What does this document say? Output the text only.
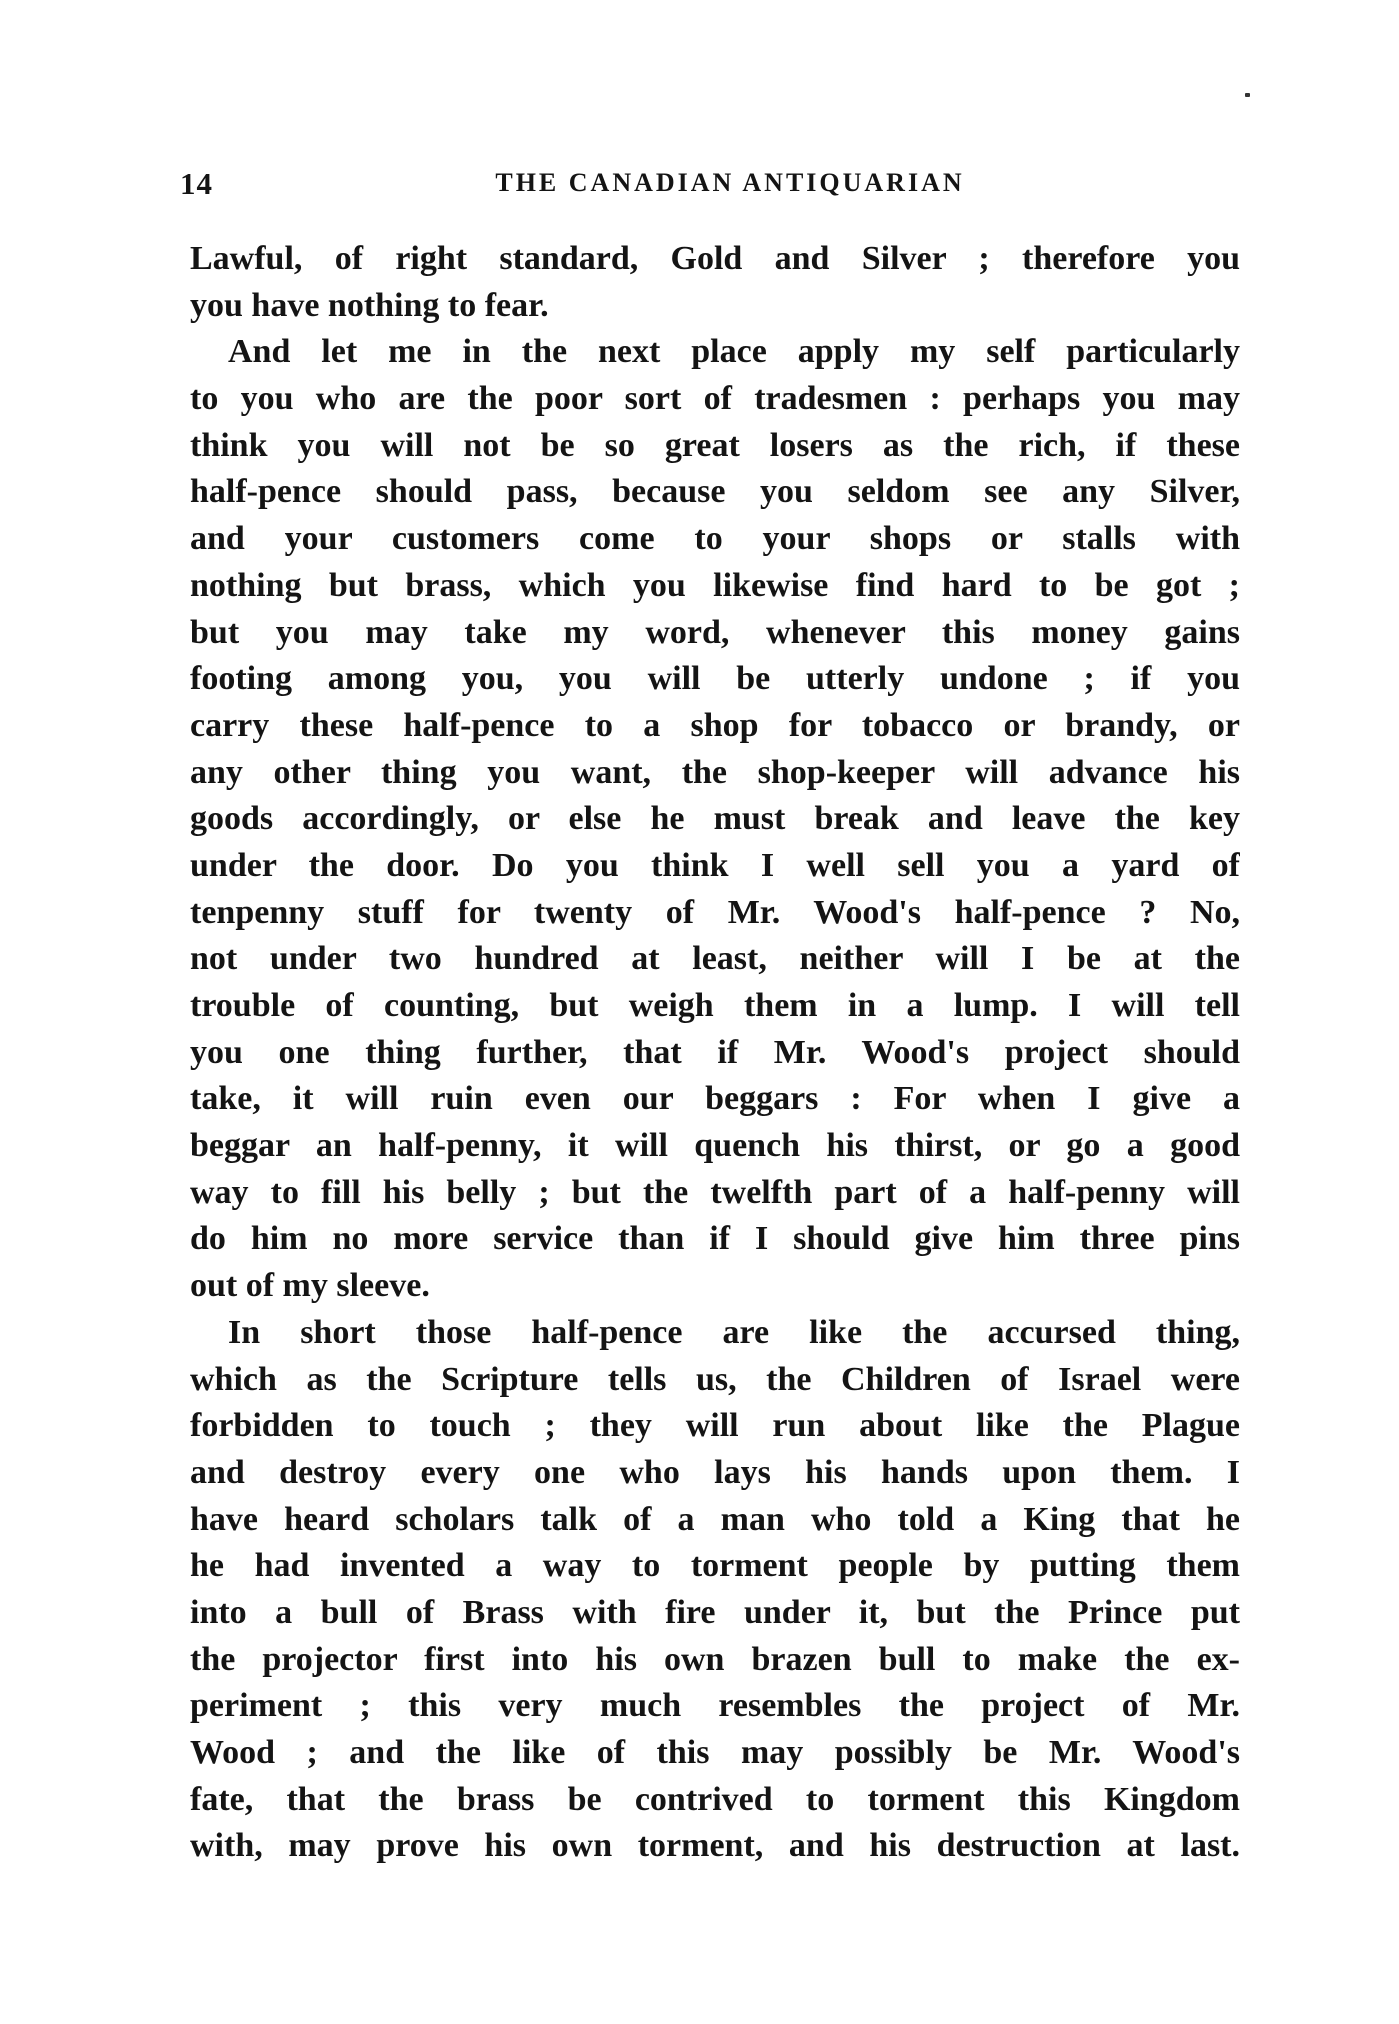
14	THE CANADIAN ANTIQUARIAN
Lawful, of right standard, Gold and Silver ; therefore you
you have nothing to fear.
And let me in the next place apply my self particularly
to you who are the poor sort of tradesmen : perhaps you may
think you will not be so great losers as the rich, if these
half-pence should pass, because you seldom see any Silver,
and your customers come to your shops or stalls with
nothing but brass, which you likewise find hard to be got ;
but you may take my word, whenever this money gains
footing among you, you will be utterly undone ; if you
carry these half-pence to a shop for tobacco or brandy, or
any other thing you want, the shop-keeper will advance his
goods accordingly, or else he must break and leave the key
under the door. Do you think I well sell you a yard of
tenpenny stuff for twenty of Mr. Wood's half-pence ? No,
not under two hundred at least, neither will I be at the
trouble of counting, but weigh them in a lump. I will tell
you one thing further, that if Mr. Wood's project should
take, it will ruin even our beggars : For when I give a
beggar an half-penny, it will quench his thirst, or go a good
way to fill his belly ; but the twelfth part of a half-penny will
do him no more service than if I should give him three pins
out of my sleeve.
In short those half-pence are like the accursed thing,
which as the Scripture tells us, the Children of Israel were
forbidden to touch ; they will run about like the Plague
and destroy every one who lays his hands upon them. I
have heard scholars talk of a man who told a King that he
he had invented a way to torment people by putting them
into a bull of Brass with fire under it, but the Prince put
the projector first into his own brazen bull to make the ex-
periment ; this very much resembles the project of Mr.
Wood ; and the like of this may possibly be Mr. Wood's
fate, that the brass be contrived to torment this Kingdom
with, may prove his own torment, and his destruction at last.
